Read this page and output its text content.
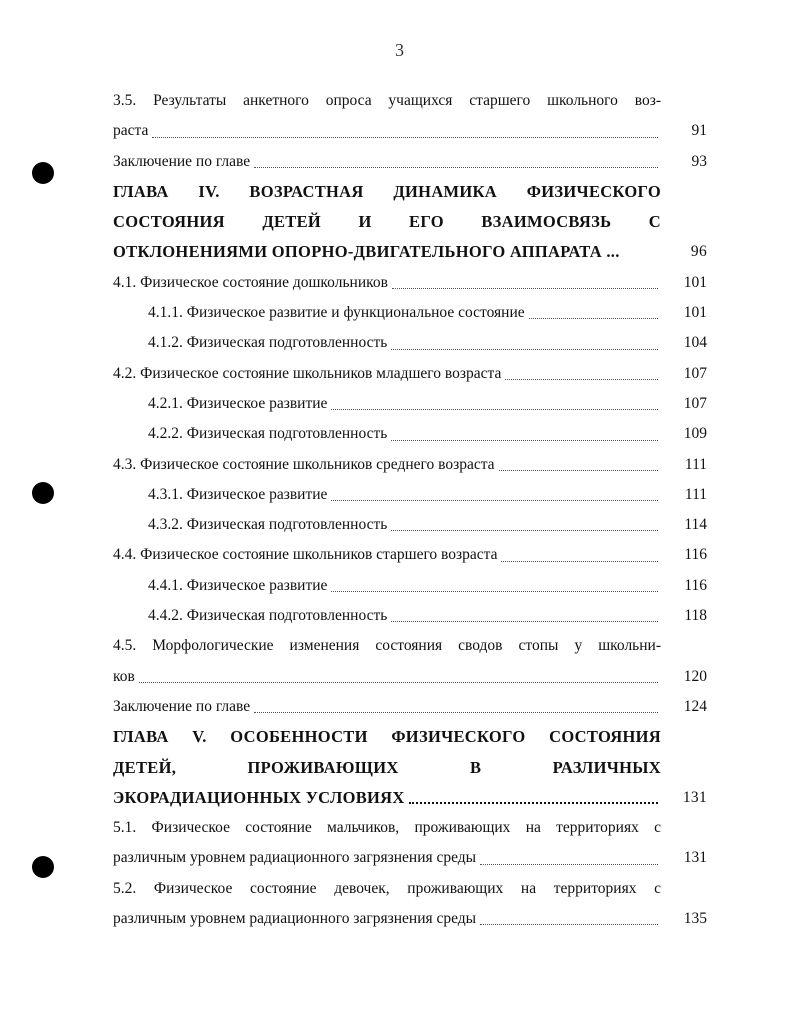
3
3.5. Результаты анкетного опроса учащихся старшего школьного воз-
раста	91
Заключение по главе	93
ГЛАВА IV. ВОЗРАСТНАЯ ДИНАМИКА ФИЗИЧЕСКОГО
СОСТОЯНИЯ ДЕТЕЙ И ЕГО ВЗАИМОСВЯЗЬ С
ОТКЛОНЕНИЯМИ ОПОРНО-ДВИГАТЕЛЬНОГО АППАРАТА ...	96
4.1. Физическое состояние дошкольников	101
4.1.1. Физическое развитие и функциональное состояние	101
4.1.2. Физическая подготовленность	104
4.2. Физическое состояние школьников младшего возраста	107
4.2.1. Физическое развитие	107
4.2.2. Физическая подготовленность	109
4.3. Физическое состояние школьников среднего возраста	111
4.3.1. Физическое развитие	111
4.3.2. Физическая подготовленность	114
4.4. Физическое состояние школьников старшего возраста	116
4.4.1. Физическое развитие	116
4.4.2. Физическая подготовленность	118
4.5. Морфологические изменения состояния сводов стопы у школьни-
ков	120
Заключение по главе	124
ГЛАВА V. ОСОБЕННОСТИ ФИЗИЧЕСКОГО СОСТОЯНИЯ
ДЕТЕЙ, ПРОЖИВАЮЩИХ В РАЗЛИЧНЫХ
ЭКОРАДИАЦИОННЫХ УСЛОВИЯХ	131
5.1. Физическое состояние мальчиков, проживающих на территориях с
различным уровнем радиационного загрязнения среды	131
5.2. Физическое состояние девочек, проживающих на территориях с
различным уровнем радиационного загрязнения среды	135
